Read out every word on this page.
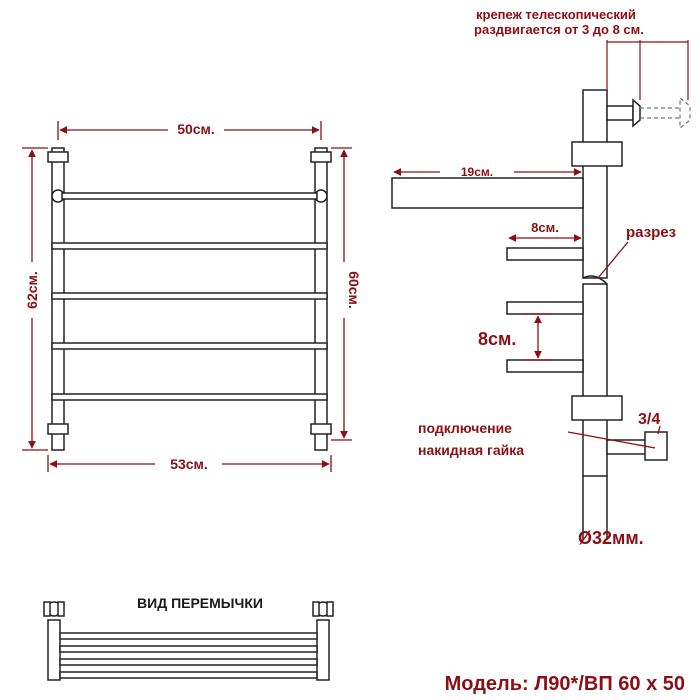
50см.
53см.
62см.	60см.
крепеж телескопический
раздвигается от 3 до 8 см.
19см.
8см.	разрез
8см.
подключение
накидная гайка
3/4
Ø32мм.
ВИД ПЕРЕМЫЧКИ
Модель: Л90*/ВП 60 х 50
